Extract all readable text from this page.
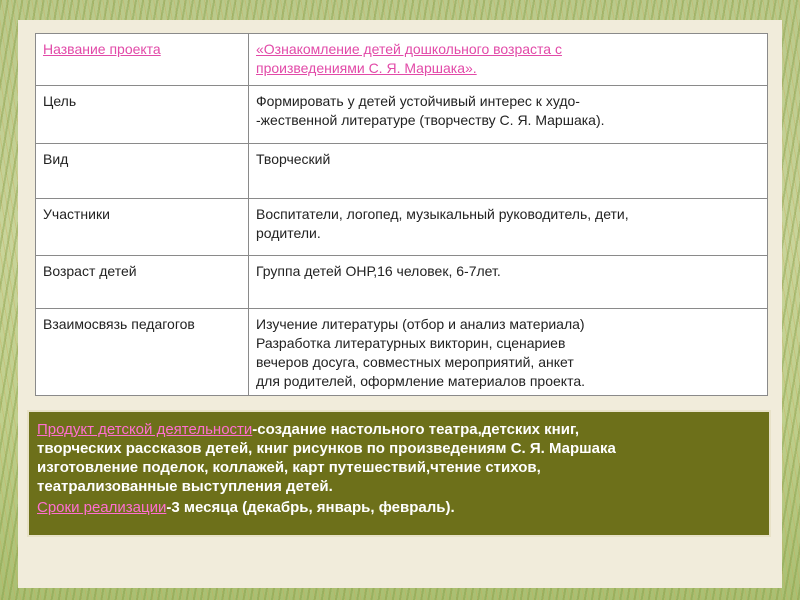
Название проекта	«Ознакомление детей дошкольного возраста с
произведениями С. Я. Маршака».
Цель	Формировать у детей устойчивый интерес к худо-
-жественной литературе (творчеству С. Я. Маршака).

Вид	Творческий

Участники	Воспитатели, логопед, музыкальный руководитель, дети,
родители.

Возраст детей	Группа детей ОНР,16 человек, 6-7лет.

Взаимосвязь педагогов	Изучение литературы (отбор и анализ материала)
Разработка литературных викторин, сценариев
вечеров досуга, совместных мероприятий, анкет
для родителей, оформление материалов проекта.
Продукт детской деятельности-создание настольного театра,детских книг,
творческих рассказов детей, книг рисунков по произведениям С. Я. Маршака
изготовление поделок, коллажей, карт путешествий,чтение стихов,
театрализованные выступления детей.
Сроки реализации-3 месяца (декабрь, январь, февраль).
